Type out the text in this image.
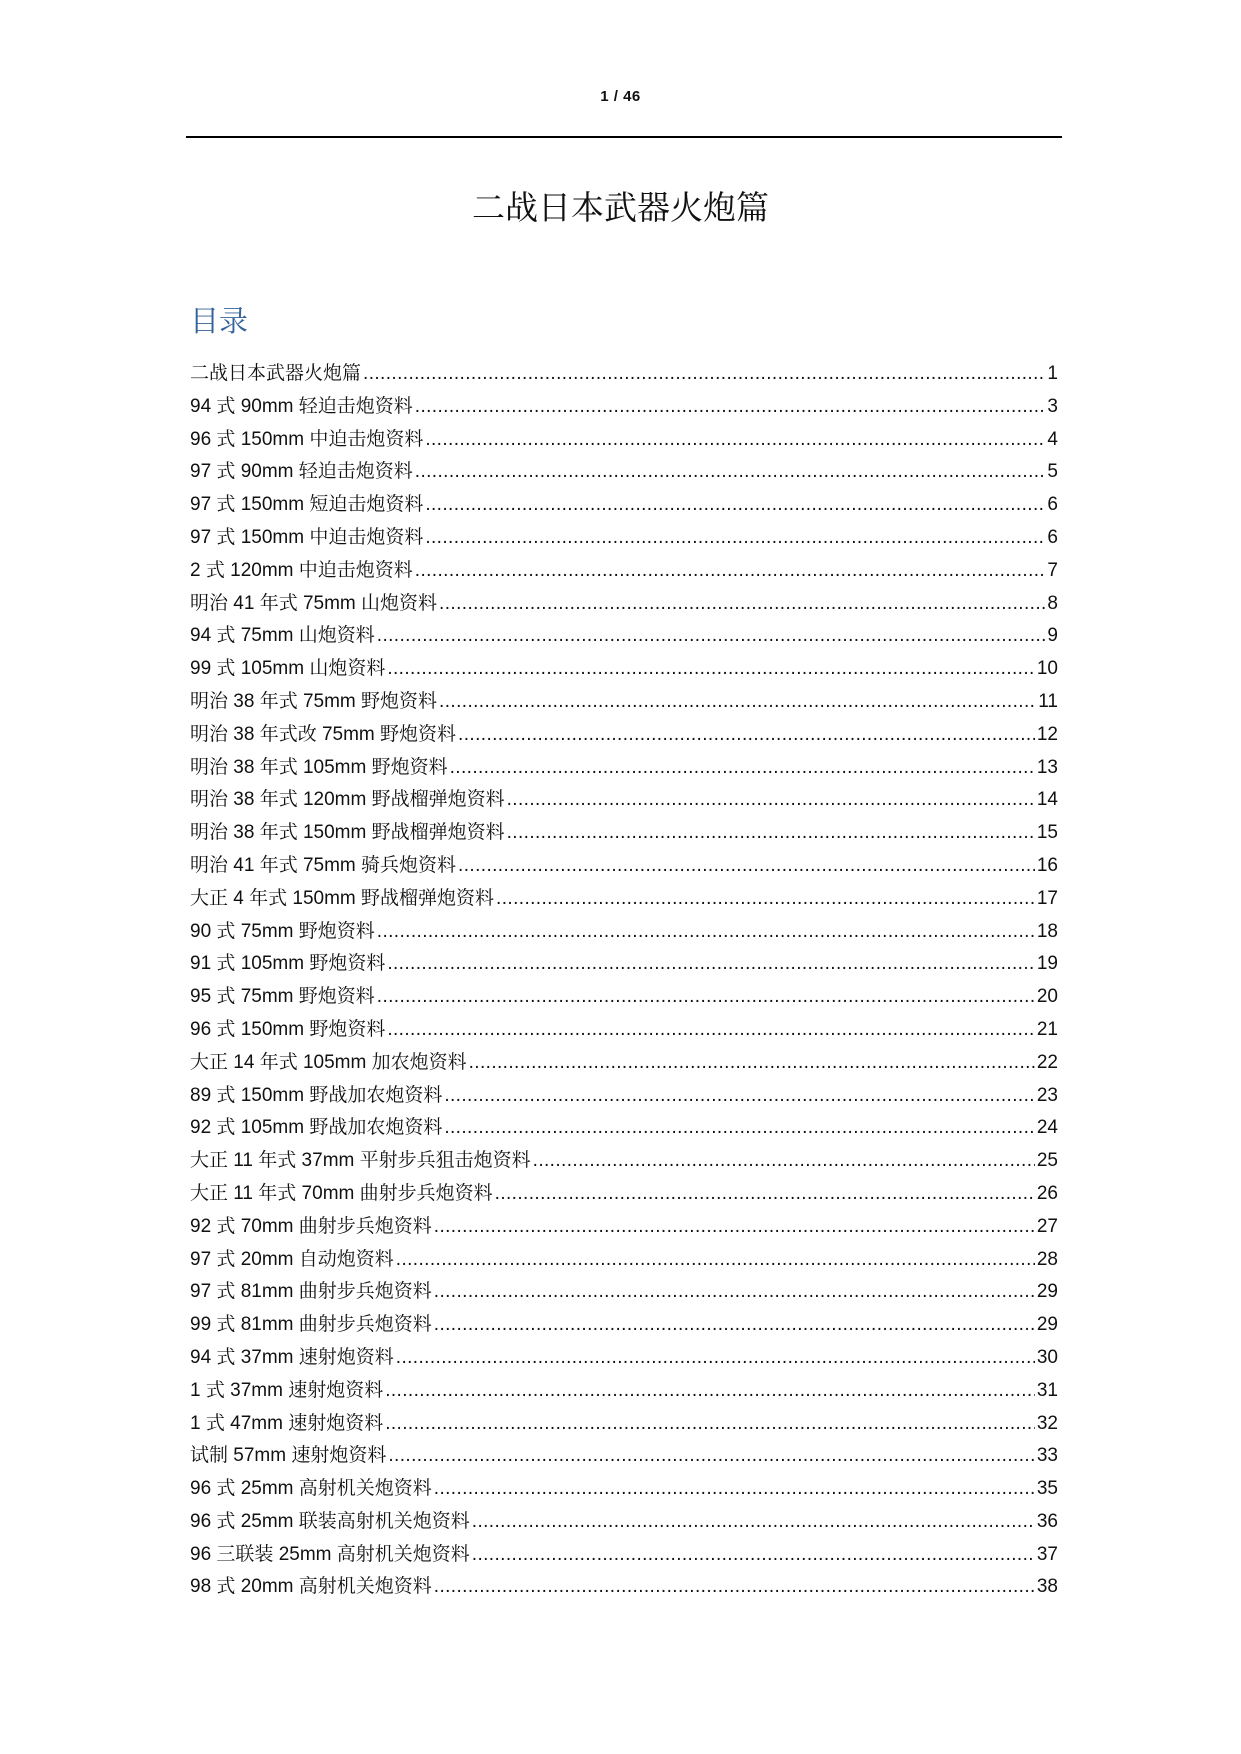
1 / 46
二战日本武器火炮篇
目录
二战日本武器火炮篇 .....	1
94 式 90mm 轻迫击炮资料 .....	3
96 式 150mm 中迫击炮资料 .....	4
97 式 90mm 轻迫击炮资料 .....	5
97 式 150mm 短迫击炮资料 .....	6
97 式 150mm 中迫击炮资料 .....	6
2 式 120mm 中迫击炮资料 .....	7
明治 41 年式 75mm 山炮资料 .....	8
94 式 75mm 山炮资料 .....	9
99 式 105mm 山炮资料 .....	10
明治 38 年式 75mm 野炮资料 .....	11
明治 38 年式改 75mm 野炮资料 .....	12
明治 38 年式 105mm 野炮资料 .....	13
明治 38 年式 120mm 野战榴弹炮资料 .....	14
明治 38 年式 150mm 野战榴弹炮资料 .....	15
明治 41 年式 75mm 骑兵炮资料 .....	16
大正 4 年式 150mm 野战榴弹炮资料 .....	17
90 式 75mm 野炮资料 .....	18
91 式 105mm 野炮资料 .....	19
95 式 75mm 野炮资料 .....	20
96 式 150mm 野炮资料 .....	21
大正 14 年式 105mm 加农炮资料 .....	22
89 式 150mm 野战加农炮资料 .....	23
92 式 105mm 野战加农炮资料 .....	24
大正 11 年式 37mm 平射步兵狙击炮资料 .....	25
大正 11 年式 70mm 曲射步兵炮资料 .....	26
92 式 70mm 曲射步兵炮资料 .....	27
97 式 20mm 自动炮资料 .....	28
97 式 81mm 曲射步兵炮资料 .....	29
99 式 81mm 曲射步兵炮资料 .....	29
94 式 37mm 速射炮资料 .....	30
1 式 37mm 速射炮资料 .....	31
1 式 47mm 速射炮资料 .....	32
试制 57mm 速射炮资料 .....	33
96 式 25mm 高射机关炮资料 .....	35
96 式 25mm 联装高射机关炮资料 .....	36
96 三联装 25mm 高射机关炮资料 .....	37
98 式 20mm 高射机关炮资料 .....	38
